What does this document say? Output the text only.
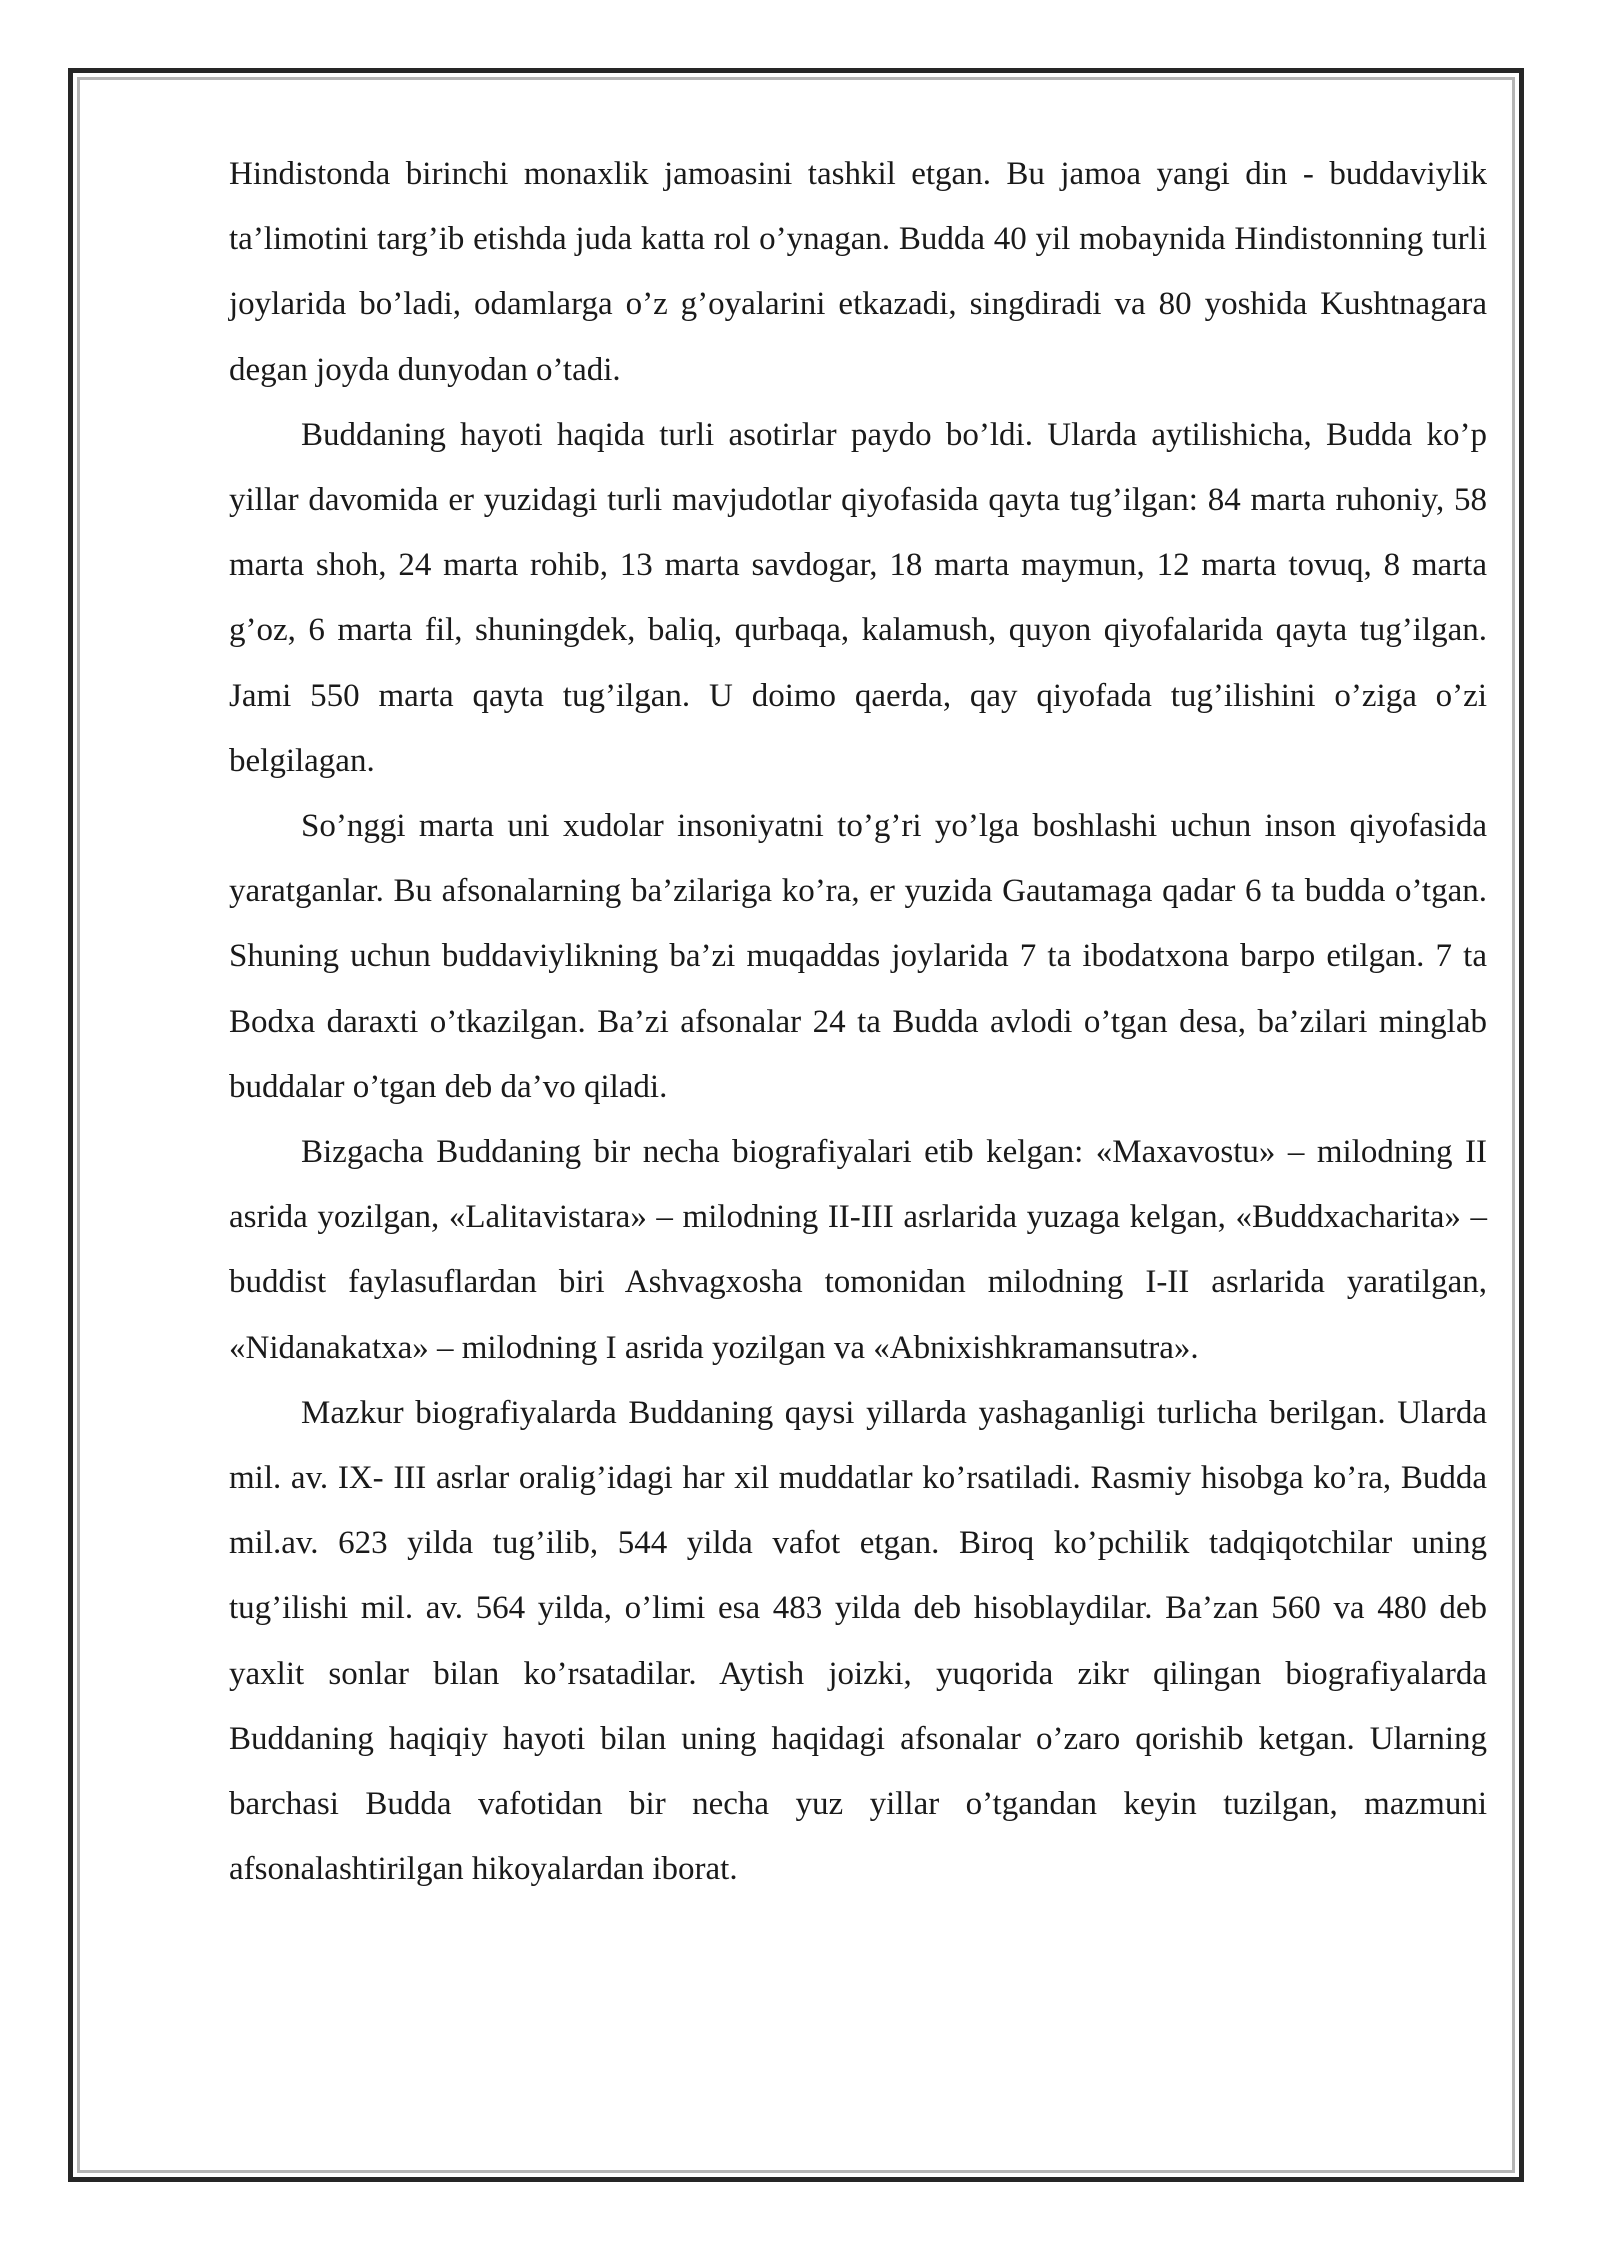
Hindistonda birinchi monaxlik jamoasini tashkil etgan. Bu jamoa yangi din - buddaviylik ta’limotini targ’ib etishda juda katta rol o’ynagan. Budda 40 yil mobaynida Hindistonning turli joylarida bo’ladi, odamlarga o’z g’oyalarini etkazadi, singdiradi va 80 yoshida Kushtnagara degan joyda dunyodan o’tadi.

Buddaning hayoti haqida turli asotirlar paydo bo’ldi. Ularda aytilishicha, Budda ko’p yillar davomida er yuzidagi turli mavjudotlar qiyofasida qayta tug’ilgan: 84 marta ruhoniy, 58 marta shoh, 24 marta rohib, 13 marta savdogar, 18 marta maymun, 12 marta tovuq, 8 marta g’oz, 6 marta fil, shuningdek, baliq, qurbaqa, kalamush, quyon qiyofalarida qayta tug’ilgan. Jami 550 marta qayta tug’ilgan. U doimo qaerda, qay qiyofada tug’ilishini o’ziga o’zi belgilagan.

So’nggi marta uni xudolar insoniyatni to’g’ri yo’lga boshlashi uchun inson qiyofasida yaratganlar. Bu afsonalarning ba’zilariga ko’ra, er yuzida Gautamaga qadar 6 ta budda o’tgan. Shuning uchun buddaviylikning ba’zi muqaddas joylarida 7 ta ibodatxona barpo etilgan. 7 ta Bodxa daraxti o’tkazilgan. Ba’zi afsonalar 24 ta Budda avlodi o’tgan desa, ba’zilari minglab buddalar o’tgan deb da’vo qiladi.

Bizgacha Buddaning bir necha biografiyalari etib kelgan: «Maxavostu» – milodning II asrida yozilgan, «Lalitavistara» – milodning II-III asrlarida yuzaga kelgan, «Buddxacharita» – buddist faylasuflardan biri Ashvagxosha tomonidan milodning I-II asrlarida yaratilgan, «Nidanakatxa» – milodning I asrida yozilgan va «Abnixishkramansutra».

Mazkur biografiyalarda Buddaning qaysi yillarda yashaganligi turlicha berilgan. Ularda mil. av. IX- III asrlar oralig’idagi har xil muddatlar ko’rsatiladi. Rasmiy hisobga ko’ra, Budda mil.av. 623 yilda tug’ilib, 544 yilda vafot etgan. Biroq ko’pchilik tadqiqotchilar uning tug’ilishi mil. av. 564 yilda, o’limi esa 483 yilda deb hisoblaydilar. Ba’zan 560 va 480 deb yaxlit sonlar bilan ko’rsatadilar. Aytish joizki, yuqorida zikr qilingan biografiyalarda Buddaning haqiqiy hayoti bilan uning haqidagi afsonalar o’zaro qorishib ketgan. Ularning barchasi Budda vafotidan bir necha yuz yillar o’tgandan keyin tuzilgan, mazmuni afsonalashtirilgan hikoyalardan iborat.
